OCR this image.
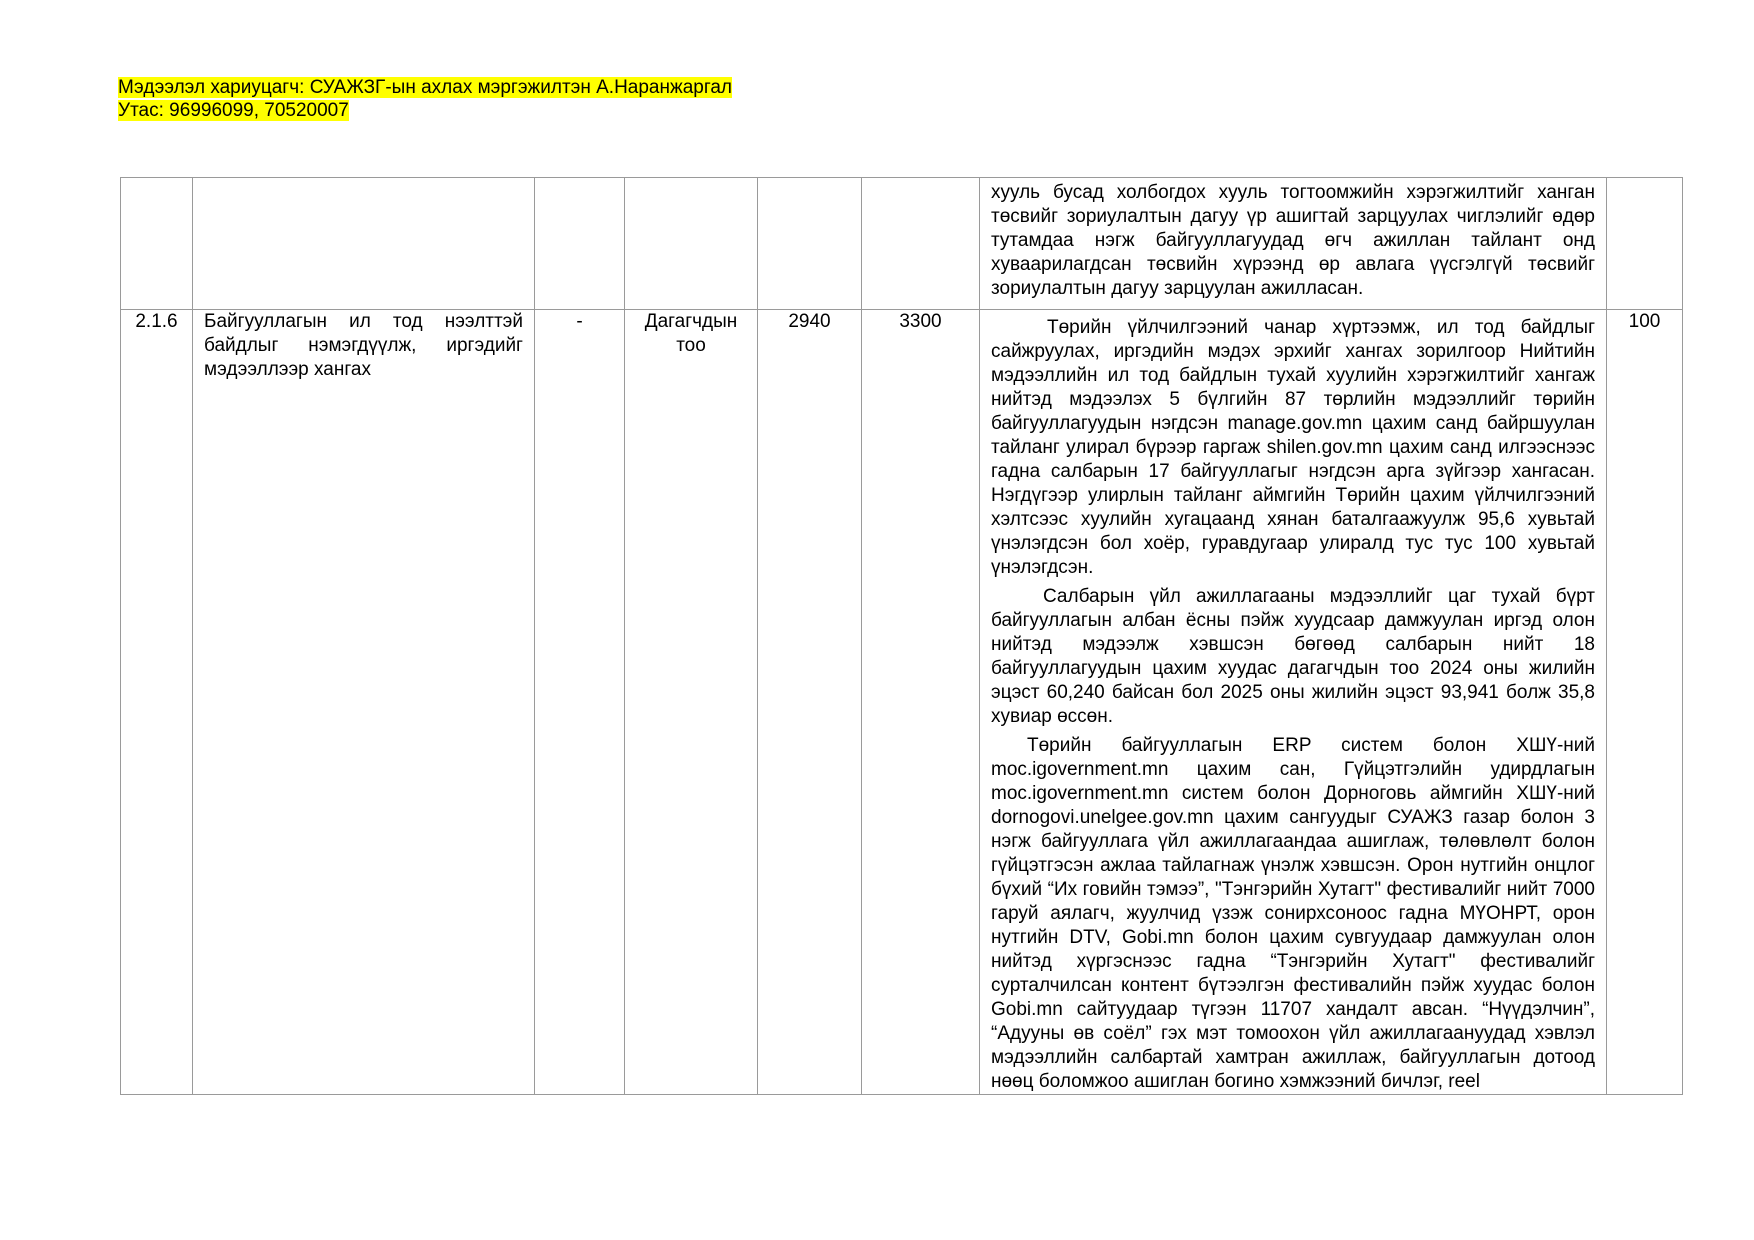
Мэдээлэл хариуцагч: СУАЖЗГ-ын ахлах мэргэжилтэн А.Наранжаргал
Утас: 96996099, 70520007

						хууль бусад холбогдох хууль тогтоомжийн хэрэгжилтийг ханган төсвийг зориулалтын дагуу үр ашигтай зарцуулах чиглэлийг өдөр тутамдаа нэгж байгууллагуудад өгч ажиллан тайлант онд хуваарилагдсан төсвийн хүрээнд өр авлага үүсгэлгүй төсвийг зориулалтын дагуу зарцуулан ажилласан.	

2.1.6	Байгууллагын ил тод нээлттэй байдлыг нэмэгдүүлж, иргэдийг мэдээллээр хангах	-	Дагагчдын тоо	2940	3300	Төрийн үйлчилгээний чанар хүртээмж, ил тод байдлыг сайжруулах, иргэдийн мэдэх эрхийг хангах зорилгоор Нийтийн мэдээллийн ил тод байдлын тухай хуулийн хэрэгжилтийг хангаж нийтэд мэдээлэх 5 бүлгийн 87 төрлийн мэдээллийг төрийн байгууллагуудын нэгдсэн manage.gov.mn цахим санд байршуулан тайланг улирал бүрээр гаргаж shilen.gov.mn цахим санд илгээснээс гадна салбарын 17 байгууллагыг нэгдсэн арга зүйгээр хангасан. Нэгдүгээр улирлын тайланг аймгийн Төрийн цахим үйлчилгээний хэлтсээс хуулийн хугацаанд хянан баталгаажуулж 95,6 хувьтай үнэлэгдсэн бол хоёр, гуравдугаар улиралд тус тус 100 хувьтай үнэлэгдсэн.

Салбарын үйл ажиллагааны мэдээллийг цаг тухай бүрт байгууллагын албан ёсны пэйж хуудсаар дамжуулан иргэд олон нийтэд мэдээлж хэвшсэн бөгөөд салбарын нийт 18 байгууллагуудын цахим хуудас дагагчдын тоо 2024 оны жилийн эцэст 60,240 байсан бол 2025 оны жилийн эцэст 93,941 болж 35,8 хувиар өссөн.

Төрийн байгууллагын ERP систем болон ХШҮ-ний moc.igovernment.mn цахим сан, Гүйцэтгэлийн удирдлагын moc.igovernment.mn систем болон Дорноговь аймгийн ХШҮ-ний dornogovi.unelgee.gov.mn цахим сангуудыг СУАЖЗ газар болон 3 нэгж байгууллага үйл ажиллагаандаа ашиглаж, төлөвлөлт болон гүйцэтгэсэн ажлаа тайлагнаж үнэлж хэвшсэн. Орон нутгийн онцлог бүхий “Их говийн тэмээ”, "Тэнгэрийн Хутагт" фестивалийг нийт 7000 гаруй аялагч, жуулчид үзэж сонирхсоноос гадна МҮОНРТ, орон нутгийн DTV, Gobi.mn болон цахим сувгуудаар дамжуулан олон нийтэд хүргэснээс гадна “Тэнгэрийн Хутагт" фестивалийг сурталчилсан контент бүтээлгэн фестивалийн пэйж хуудас болон Gobi.mn сайтуудаар түгээн 11707 хандалт авсан. “Нүүдэлчин”, “Адууны өв соёл” гэх мэт томоохон үйл ажиллагаануудад хэвлэл мэдээллийн салбартай хамтран ажиллаж, байгууллагын дотоод нөөц боломжоо ашиглан богино хэмжээний бичлэг, reel	100
